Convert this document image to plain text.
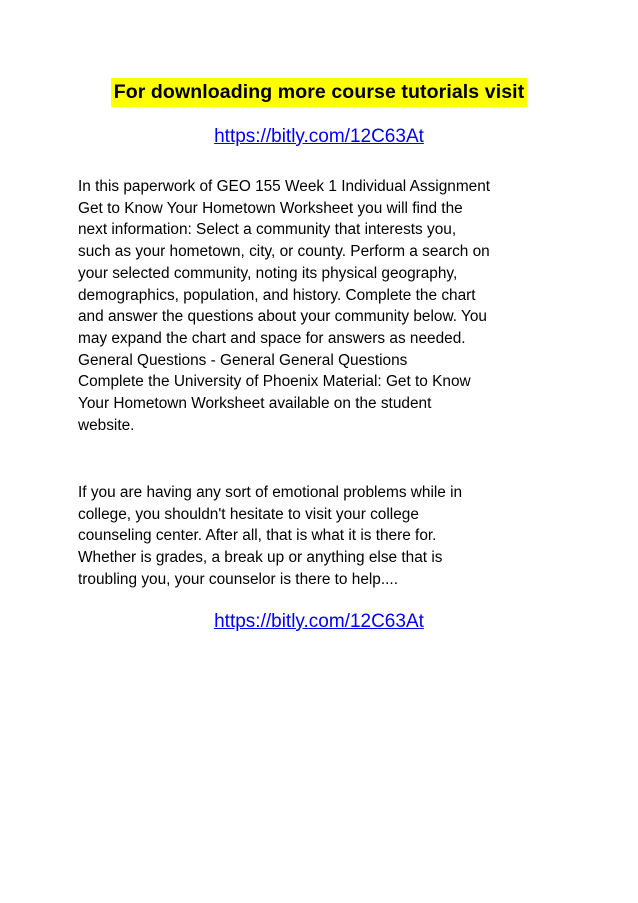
For downloading more course tutorials visit
https://bitly.com/12C63At
In this paperwork of GEO 155 Week 1 Individual Assignment
Get to Know Your Hometown Worksheet you will find the
next information: Select a community that interests you,
such as your hometown, city, or county. Perform a search on
your selected community, noting its physical geography,
demographics, population, and history. Complete the chart
and answer the questions about your community below. You
may expand the chart and space for answers as needed.
General Questions - General General Questions
Complete the University of Phoenix Material: Get to Know
Your Hometown Worksheet available on the student
website.
If you are having any sort of emotional problems while in
college, you shouldn't hesitate to visit your college
counseling center. After all, that is what it is there for.
Whether is grades, a break up or anything else that is
troubling you, your counselor is there to help....
https://bitly.com/12C63At
